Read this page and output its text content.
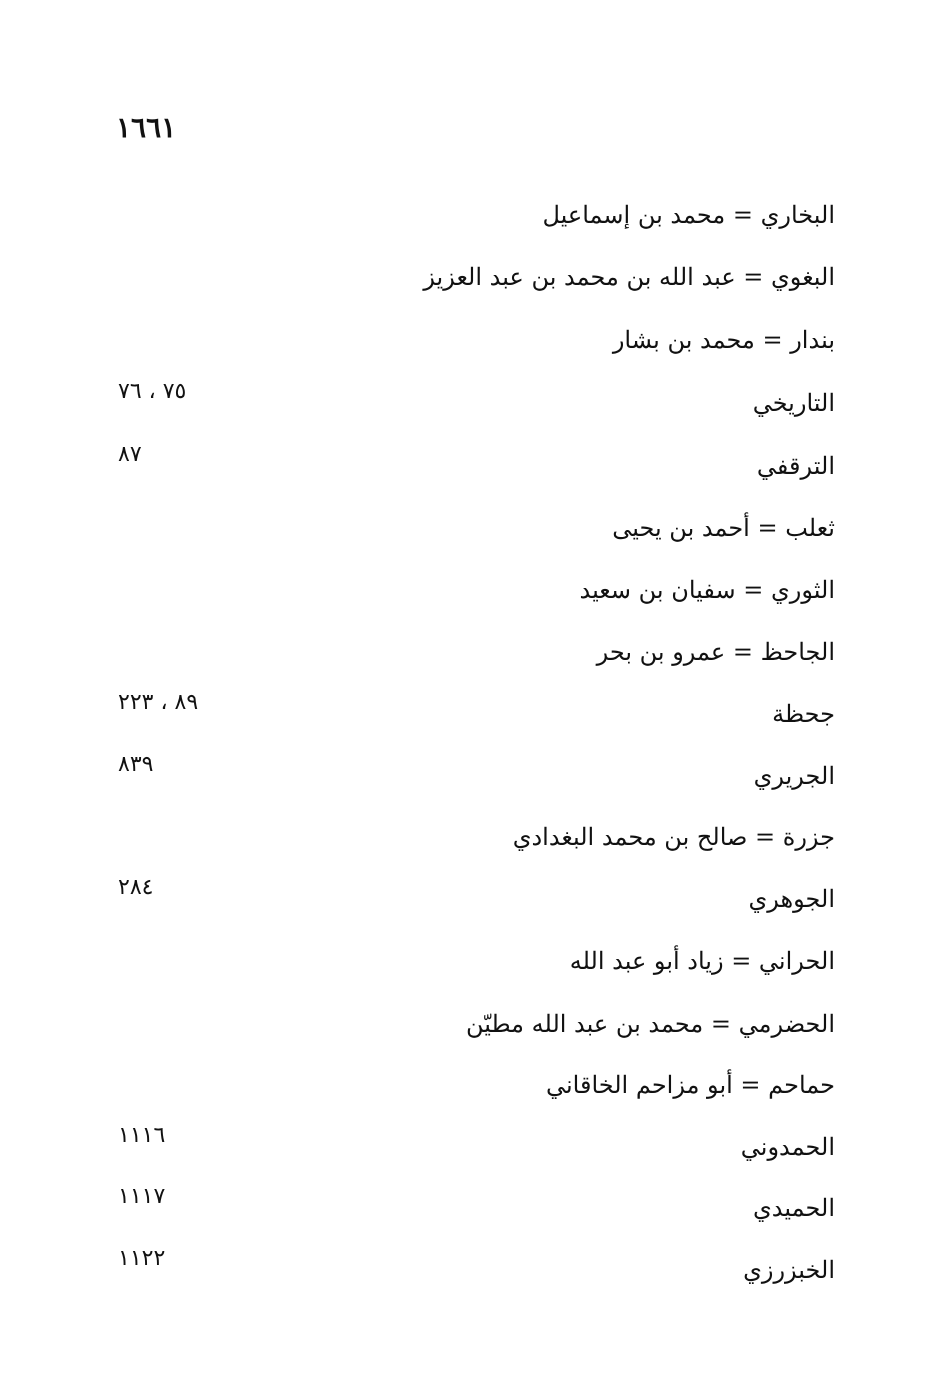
١٦٦١
البخاري = محمد بن إسماعيل
البغوي = عبد الله بن محمد بن عبد العزيز
بندار = محمد بن بشار
التاريخي
٧٥ ، ٧٦
الترقفي
٨٧
ثعلب = أحمد بن يحيى
الثوري = سفيان بن سعيد
الجاحظ = عمرو بن بحر
جحظة
٨٩ ، ٢٢٣
الجريري
٨٣٩
جزرة = صالح بن محمد البغدادي
الجوهري
٢٨٤
الحراني = زياد أبو عبد الله
الحضرمي = محمد بن عبد الله مطيّن
حماحم = أبو مزاحم الخاقاني
الحمدوني
١١١٦
الحميدي
١١١٧
الخبزرزي
١١٢٢
